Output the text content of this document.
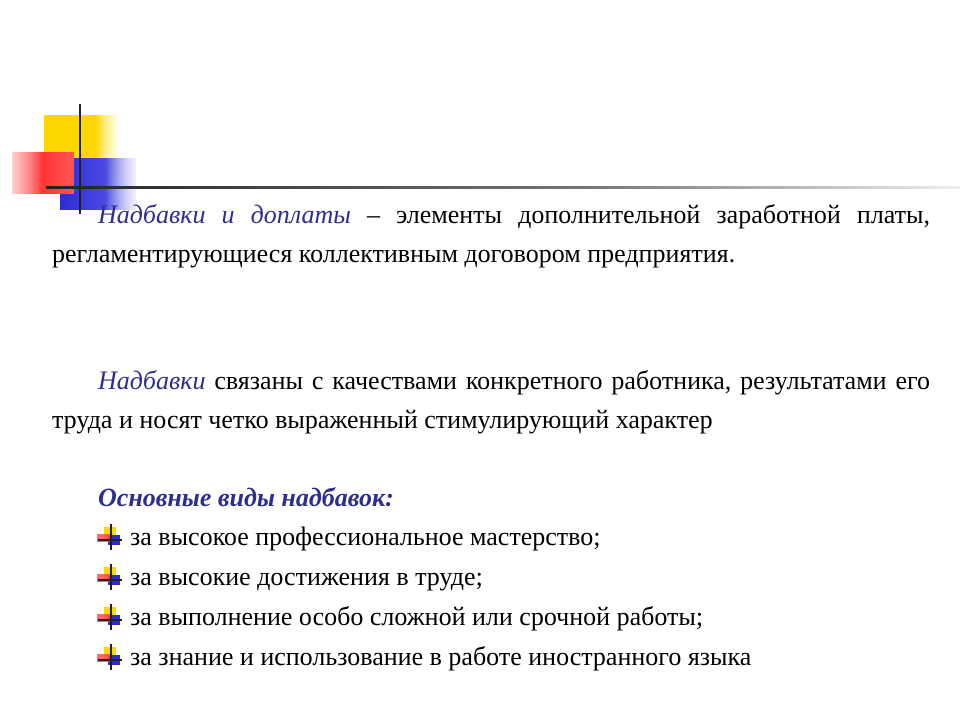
Надбавки и доплаты – элементы дополнительной заработной платы, регламентирующиеся коллективным договором предприятия.
Надбавки связаны с качествами конкретного работника, результатами его труда и носят четко выраженный стимулирующий характер
Основные виды надбавок:
за высокое профессиональное мастерство;
за высокие достижения в труде;
за выполнение особо сложной или срочной работы;
за знание и использование в работе иностранного языка
